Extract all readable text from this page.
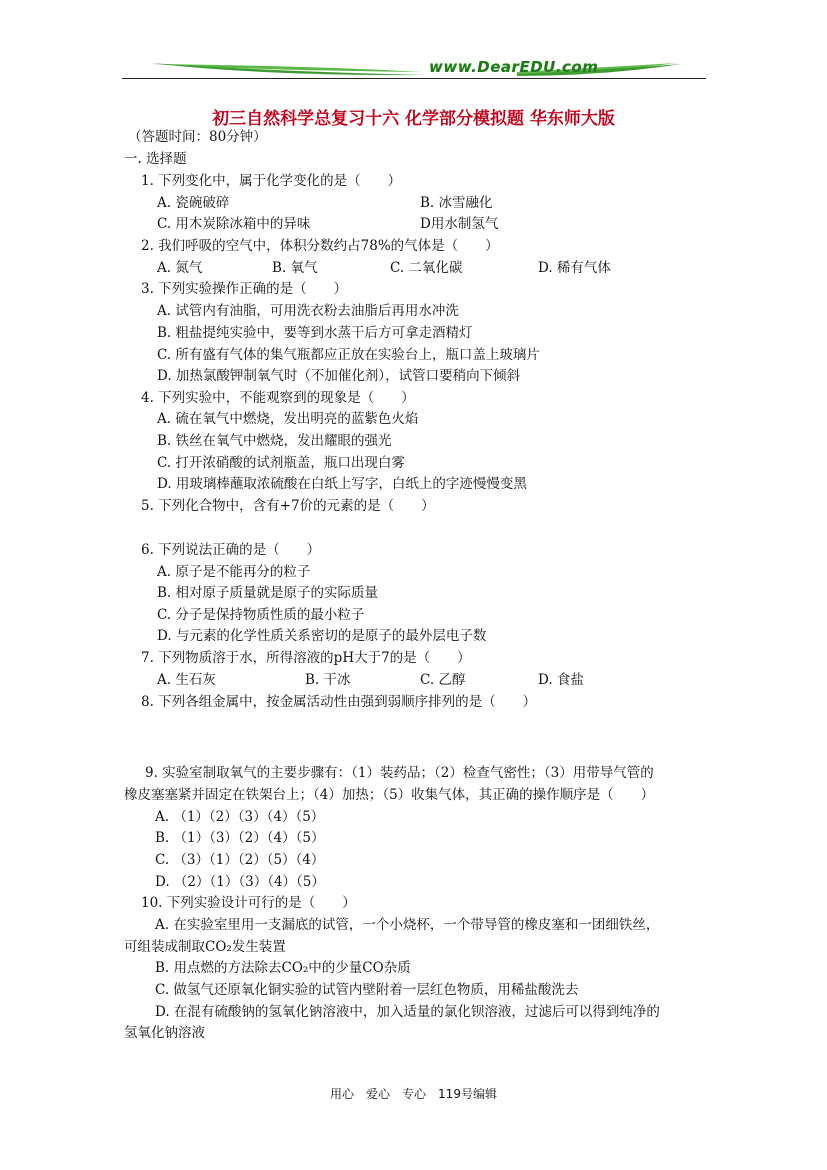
www.DearEDU.com
初三自然科学总复习十六 化学部分模拟题 华东师大版
（答题时间：80分钟）
一. 选择题
1. 下列变化中，属于化学变化的是（　　）
A. 瓷碗破碎	B. 冰雪融化
C. 用木炭除冰箱中的异味	D用水制氢气
2. 我们呼吸的空气中，体积分数约占78%的气体是（　　）
A. 氮气	B. 氧气	C. 二氧化碳	D. 稀有气体
3. 下列实验操作正确的是（　　）
A. 试管内有油脂，可用洗衣粉去油脂后再用水冲洗
B. 粗盐提纯实验中，要等到水蒸干后方可拿走酒精灯
C. 所有盛有气体的集气瓶都应正放在实验台上，瓶口盖上玻璃片
D. 加热氯酸钾制氧气时（不加催化剂），试管口要稍向下倾斜
4. 下列实验中，不能观察到的现象是（　　）
A. 硫在氧气中燃烧，发出明亮的蓝紫色火焰
B. 铁丝在氧气中燃烧，发出耀眼的强光
C. 打开浓硝酸的试剂瓶盖，瓶口出现白雾
D. 用玻璃棒蘸取浓硫酸在白纸上写字，白纸上的字迹慢慢变黑
5. 下列化合物中，含有+7价的元素的是（　　）
6. 下列说法正确的是（　　）
A. 原子是不能再分的粒子
B. 相对原子质量就是原子的实际质量
C. 分子是保持物质性质的最小粒子
D. 与元素的化学性质关系密切的是原子的最外层电子数
7. 下列物质溶于水，所得溶液的pH大于7的是（　　）
A. 生石灰	B. 干冰	C. 乙醇	D. 食盐
8. 下列各组金属中，按金属活动性由强到弱顺序排列的是（　　）
9. 实验室制取氧气的主要步骤有：（1）装药品；（2）检查气密性；（3）用带导气管的
橡皮塞塞紧并固定在铁架台上；（4）加热；（5）收集气体，其正确的操作顺序是（　　）
A. （1）（2）（3）（4）（5）
B. （1）（3）（2）（4）（5）
C. （3）（1）（2）（5）（4）
D. （2）（1）（3）（4）（5）
10. 下列实验设计可行的是（　　）
A. 在实验室里用一支漏底的试管，一个小烧杯，一个带导管的橡皮塞和一团细铁丝，
可组装成制取CO₂发生装置
B. 用点燃的方法除去CO₂中的少量CO杂质
C. 做氢气还原氧化铜实验的试管内壁附着一层红色物质，用稀盐酸洗去
D. 在混有硫酸钠的氢氧化钠溶液中，加入适量的氯化钡溶液，过滤后可以得到纯净的
氢氧化钠溶液
用心　爱心　专心　119号编辑
